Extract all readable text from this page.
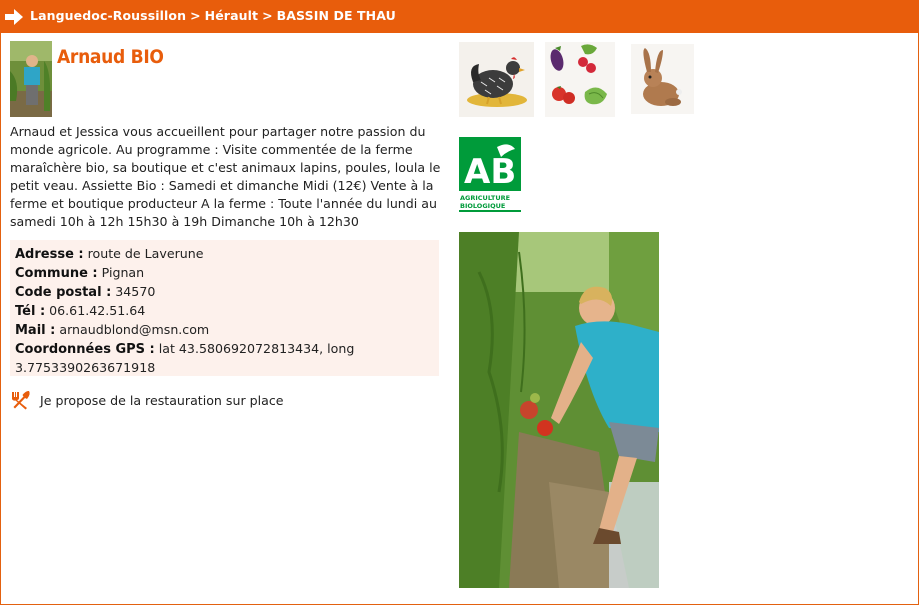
Languedoc-Roussillon > Hérault > BASSIN DE THAU
Arnaud BIO
Arnaud et Jessica vous accueillent pour partager notre passion du monde agricole. Au programme : Visite commentée de la ferme maraîchère bio, sa boutique et c'est animaux lapins, poules, loula le petit veau. Assiette Bio : Samedi et dimanche Midi (12€) Vente à la ferme et boutique producteur A la ferme : Toute l'année du lundi au samedi 10h à 12h 15h30 à 19h Dimanche 10h à 12h30
Adresse : route de Laverune
Commune : Pignan
Code postal : 34570
Tél : 06.61.42.51.64
Mail : arnaudblond@msn.com
Coordonnées GPS : lat 43.580692072813434, long 3.7753390263671918
Je propose de la restauration sur place
AB
AGRICULTURE
BIOLOGIQUE
